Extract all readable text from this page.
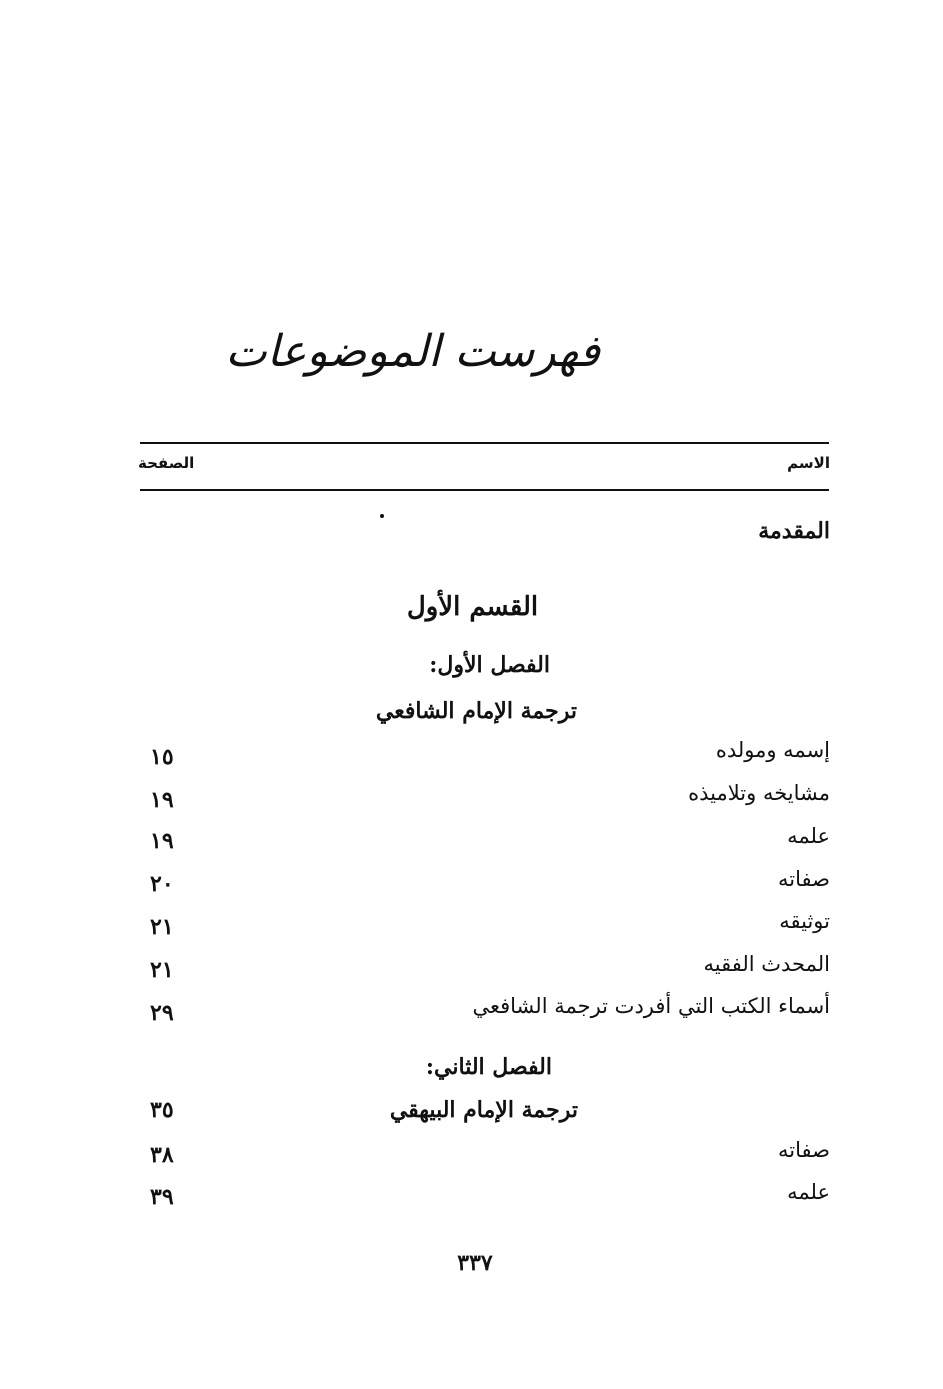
فهرست الموضوعات
الاسم
الصفحة
المقدمة
القسم الأول
الفصل الأول:
ترجمة الإمام الشافعي
إسمه ومولده
١٥
مشايخه وتلاميذه
١٩
علمه
١٩
صفاته
٢٠
توثيقه
٢١
المحدث الفقيه
٢١
أسماء الكتب التي أفردت ترجمة الشافعي
٢٩
الفصل الثاني:
ترجمة الإمام البيهقي
٣٥
صفاته
٣٨
علمه
٣٩
٣٣٧
